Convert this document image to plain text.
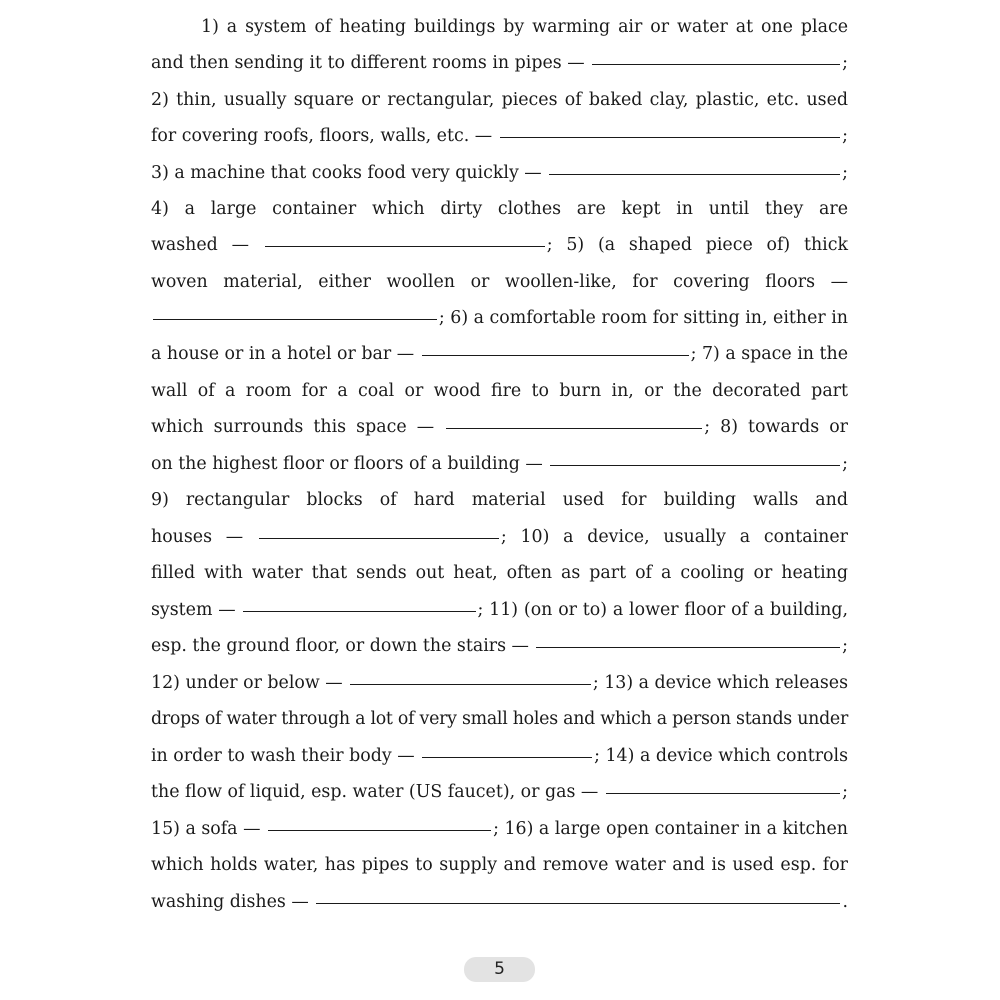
1) a system of heating buildings by warming air or water at one place
and then sending it to different rooms in pipes —	;
2) thin, usually square or rectangular, pieces of baked clay, plastic, etc. used
for covering roofs, floors, walls, etc. —	;
3) a machine that cooks food very quickly —	;
4) a large container which dirty clothes are kept in until they are
washed —	; 5) (a shaped piece of) thick
woven material, either woollen or woollen-like, for covering floors —
; 6) a comfortable room for sitting in, either in
a house or in a hotel or bar —	; 7) a space in the
wall of a room for a coal or wood fire to burn in, or the decorated part
which surrounds this space —	; 8) towards or
on the highest floor or floors of a building —	;
9) rectangular blocks of hard material used for building walls and
houses —	; 10) a device, usually a container
filled with water that sends out heat, often as part of a cooling or heating
system —	; 11) (on or to) a lower floor of a building,
esp. the ground floor, or down the stairs —	;
12) under or below —	; 13) a device which releases
drops of water through a lot of very small holes and which a person stands under
in order to wash their body —	; 14) a device which controls
the flow of liquid, esp. water (US faucet), or gas —	;
15) a sofa —	; 16) a large open container in a kitchen
which holds water, has pipes to supply and remove water and is used esp. for
washing dishes —	.
5
